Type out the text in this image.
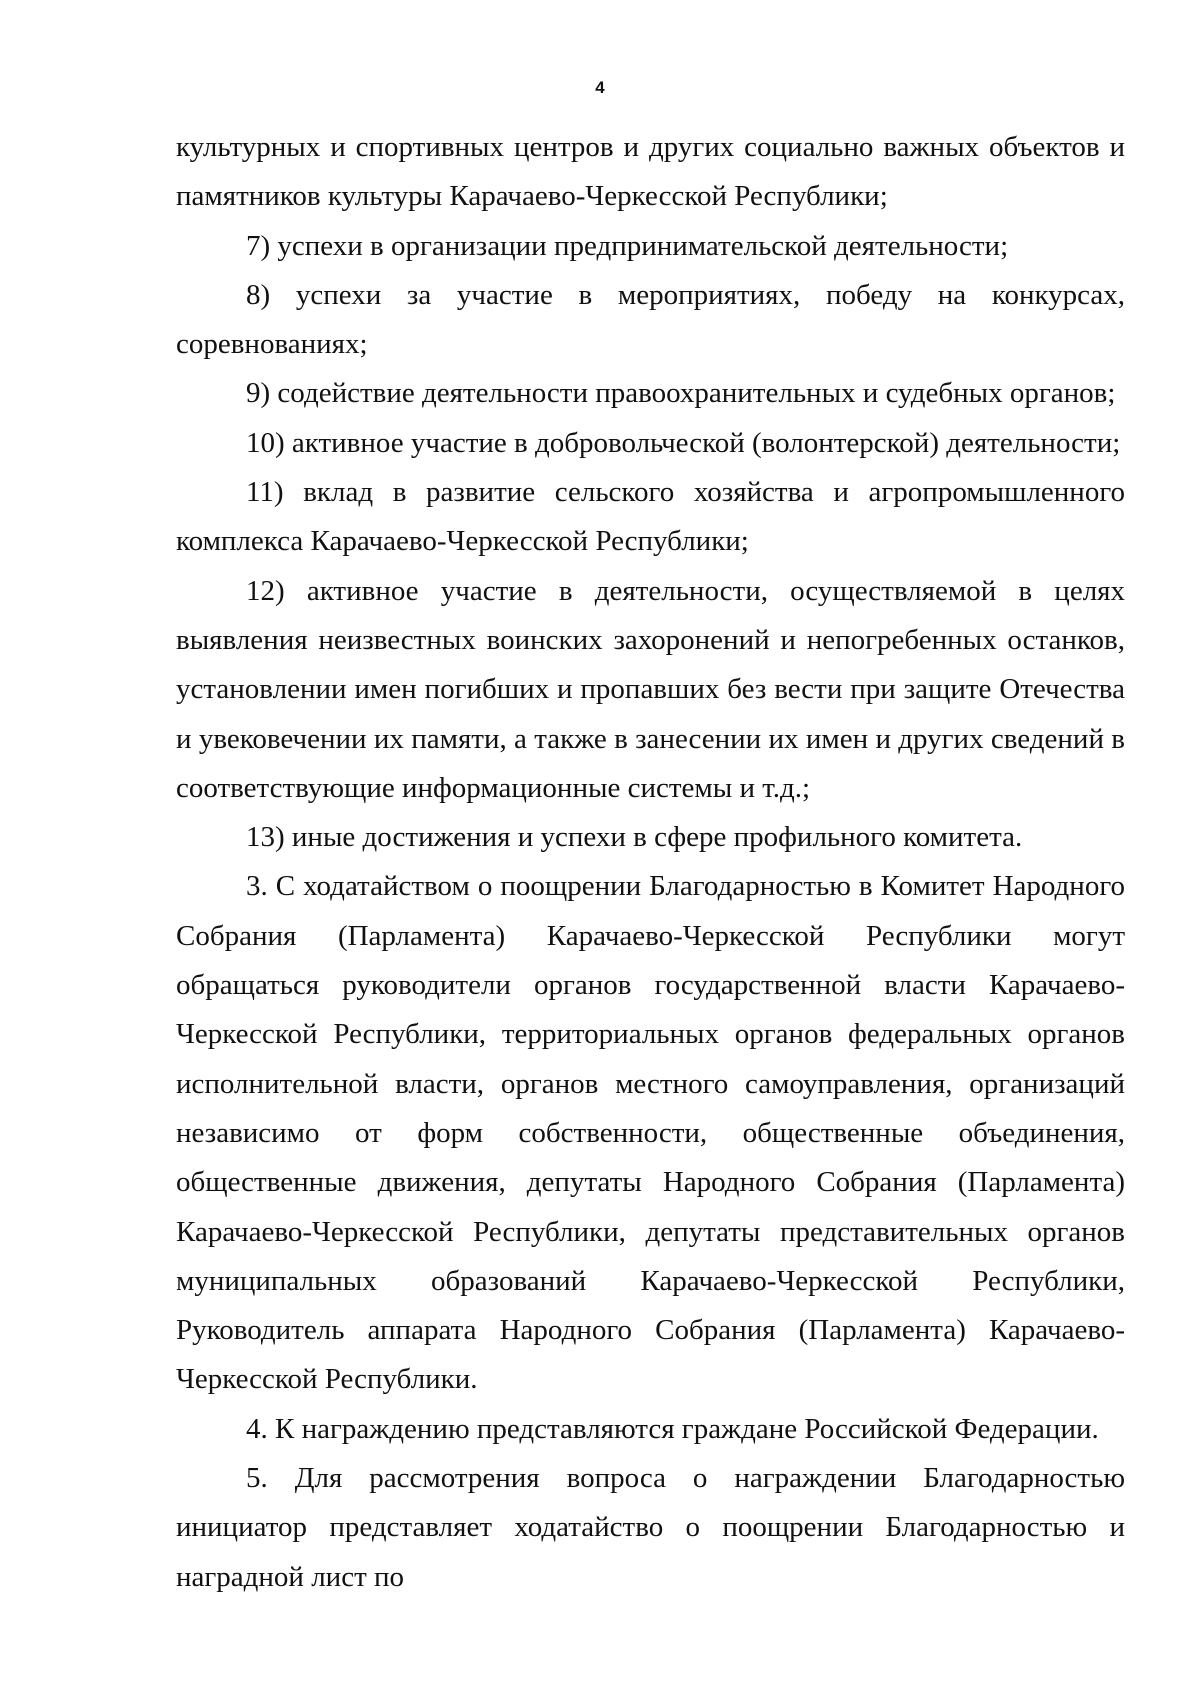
4

культурных и спортивных центров и других социально важных объектов и памятников культуры Карачаево-Черкесской Республики;

7) успехи в организации предпринимательской деятельности;

8) успехи за участие в мероприятиях, победу на конкурсах, соревнованиях;

9) содействие деятельности правоохранительных и судебных органов;

10) активное участие в добровольческой (волонтерской) деятельности;

11) вклад в развитие сельского хозяйства и агропромышленного комплекса Карачаево-Черкесской Республики;

12) активное участие в деятельности, осуществляемой в целях выявления неизвестных воинских захоронений и непогребенных останков, установлении имен погибших и пропавших без вести при защите Отечества и увековечении их памяти, а также в занесении их имен и других сведений в соответствующие информационные системы и т.д.;

13) иные достижения и успехи в сфере профильного комитета.

3. С ходатайством о поощрении Благодарностью в Комитет Народного Собрания (Парламента) Карачаево-Черкесской Республики могут обращаться руководители органов государственной власти Карачаево-Черкесской Республики, территориальных органов федеральных органов исполнительной власти, органов местного самоуправления, организаций независимо от форм собственности, общественные объединения, общественные движения, депутаты Народного Собрания (Парламента) Карачаево-Черкесской Республики, депутаты представительных органов муниципальных образований Карачаево-Черкесской Республики, Руководитель аппарата Народного Собрания (Парламента) Карачаево-Черкесской Республики.

4. К награждению представляются граждане Российской Федерации.

5. Для рассмотрения вопроса о награждении Благодарностью инициатор представляет ходатайство о поощрении Благодарностью и наградной лист по
